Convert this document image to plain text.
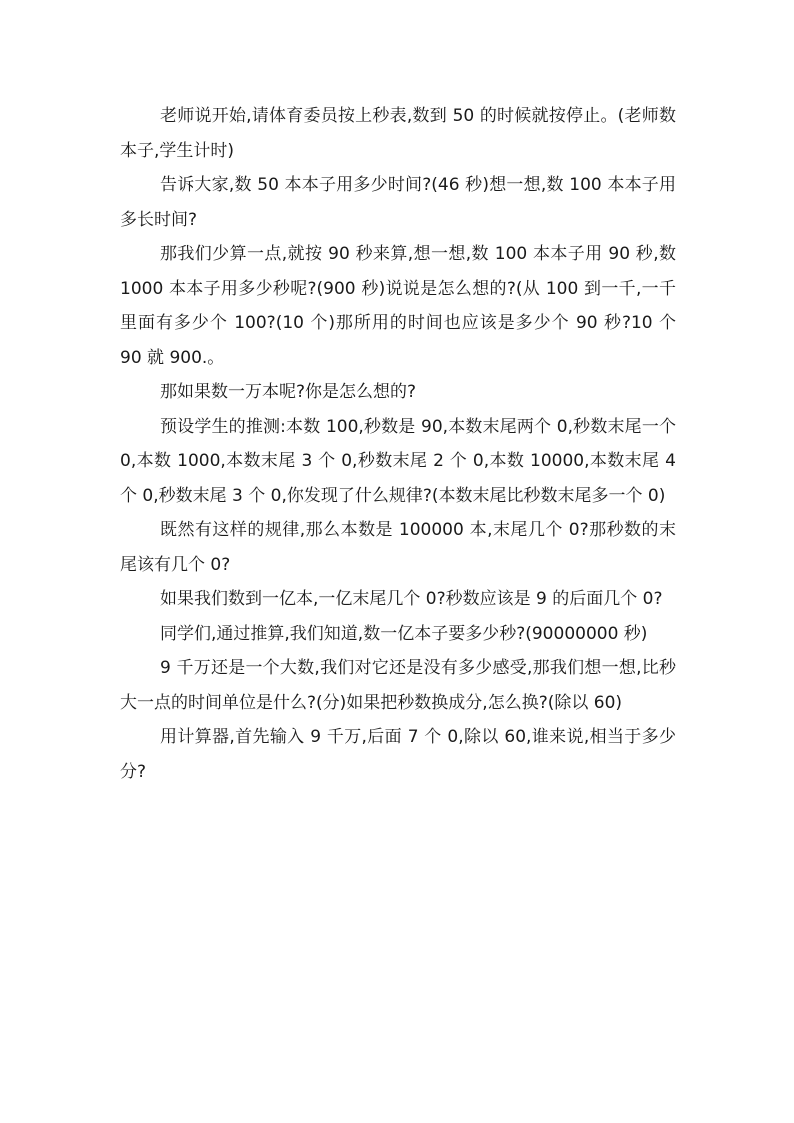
老师说开始,请体育委员按上秒表,数到 50 的时候就按停止。(老师数本子,学生计时)

告诉大家,数 50 本本子用多少时间?(46 秒)想一想,数 100 本本子用多长时间?

那我们少算一点,就按 90 秒来算,想一想,数 100 本本子用 90 秒,数 1000 本本子用多少秒呢?(900 秒)说说是怎么想的?(从 100 到一千,一千里面有多少个 100?(10 个)那所用的时间也应该是多少个 90 秒?10 个 90 就 900.。

那如果数一万本呢?你是怎么想的?

预设学生的推测:本数 100,秒数是 90,本数末尾两个 0,秒数末尾一个 0,本数 1000,本数末尾 3 个 0,秒数末尾 2 个 0,本数 10000,本数末尾 4 个 0,秒数末尾 3 个 0,你发现了什么规律?(本数末尾比秒数末尾多一个 0)

既然有这样的规律,那么本数是 100000 本,末尾几个 0?那秒数的末尾该有几个 0?

如果我们数到一亿本,一亿末尾几个 0?秒数应该是 9 的后面几个 0?

同学们,通过推算,我们知道,数一亿本子要多少秒?(90000000 秒)

9 千万还是一个大数,我们对它还是没有多少感受,那我们想一想,比秒大一点的时间单位是什么?(分)如果把秒数换成分,怎么换?(除以 60)

用计算器,首先输入 9 千万,后面 7 个 0,除以 60,谁来说,相当于多少分?
